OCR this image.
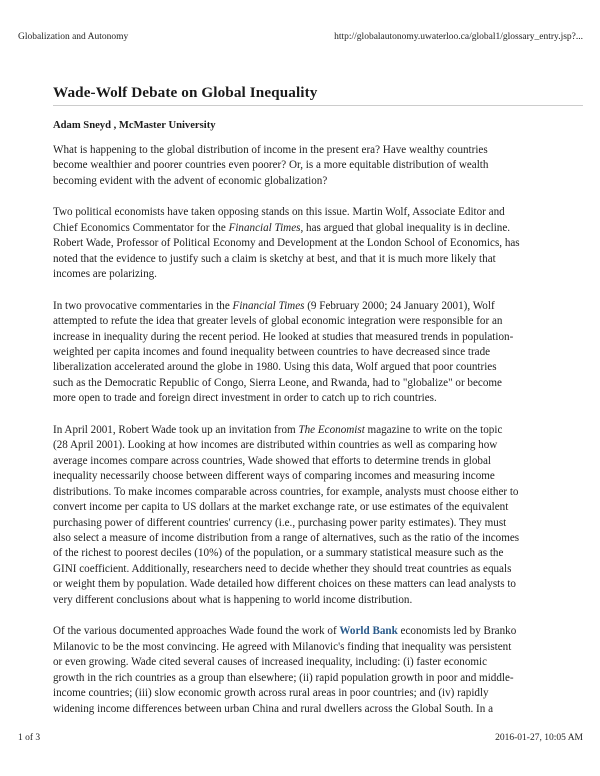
Globalization and Autonomy	http://globalautonomy.uwaterloo.ca/global1/glossary_entry.jsp?...
Wade-Wolf Debate on Global Inequality
Adam Sneyd , McMaster University

What is happening to the global distribution of income in the present era? Have wealthy countries
become wealthier and poorer countries even poorer? Or, is a more equitable distribution of wealth
becoming evident with the advent of economic globalization?

Two political economists have taken opposing stands on this issue. Martin Wolf, Associate Editor and
Chief Economics Commentator for the Financial Times, has argued that global inequality is in decline.
Robert Wade, Professor of Political Economy and Development at the London School of Economics, has
noted that the evidence to justify such a claim is sketchy at best, and that it is much more likely that
incomes are polarizing.

In two provocative commentaries in the Financial Times (9 February 2000; 24 January 2001), Wolf
attempted to refute the idea that greater levels of global economic integration were responsible for an
increase in inequality during the recent period. He looked at studies that measured trends in population-
weighted per capita incomes and found inequality between countries to have decreased since trade
liberalization accelerated around the globe in 1980. Using this data, Wolf argued that poor countries
such as the Democratic Republic of Congo, Sierra Leone, and Rwanda, had to "globalize" or become
more open to trade and foreign direct investment in order to catch up to rich countries.

In April 2001, Robert Wade took up an invitation from The Economist magazine to write on the topic
(28 April 2001). Looking at how incomes are distributed within countries as well as comparing how
average incomes compare across countries, Wade showed that efforts to determine trends in global
inequality necessarily choose between different ways of comparing incomes and measuring income
distributions. To make incomes comparable across countries, for example, analysts must choose either to
convert income per capita to US dollars at the market exchange rate, or use estimates of the equivalent
purchasing power of different countries' currency (i.e., purchasing power parity estimates). They must
also select a measure of income distribution from a range of alternatives, such as the ratio of the incomes
of the richest to poorest deciles (10%) of the population, or a summary statistical measure such as the
GINI coefficient. Additionally, researchers need to decide whether they should treat countries as equals
or weight them by population. Wade detailed how different choices on these matters can lead analysts to
very different conclusions about what is happening to world income distribution.

Of the various documented approaches Wade found the work of World Bank economists led by Branko
Milanovic to be the most convincing. He agreed with Milanovic's finding that inequality was persistent
or even growing. Wade cited several causes of increased inequality, including: (i) faster economic
growth in the rich countries as a group than elsewhere; (ii) rapid population growth in poor and middle-
income countries; (iii) slow economic growth across rural areas in poor countries; and (iv) rapidly
widening income differences between urban China and rural dwellers across the Global South. In a

1 of 3	2016-01-27, 10:05 AM
